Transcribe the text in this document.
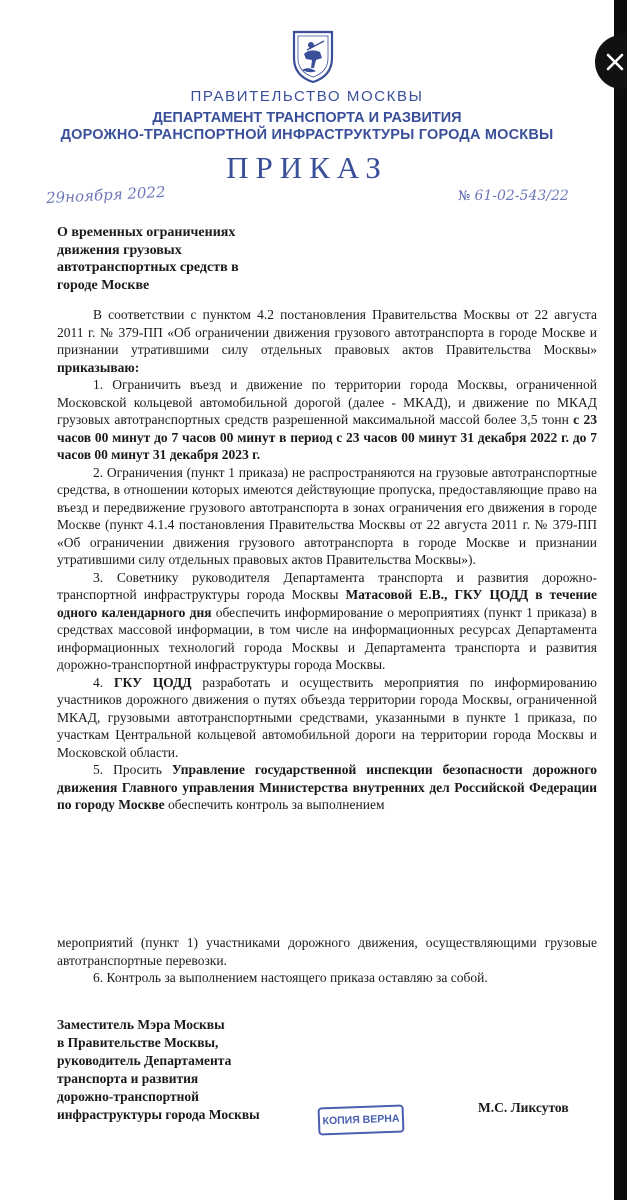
ПРАВИТЕЛЬСТВО МОСКВЫ
ДЕПАРТАМЕНТ ТРАНСПОРТА И РАЗВИТИЯ
ДОРОЖНО-ТРАНСПОРТНОЙ ИНФРАСТРУКТУРЫ ГОРОДА МОСКВЫ
ПРИКАЗ
29ноября 2022	№ 61-02-543/22
О временных ограничениях движения грузовых автотранспортных средств в городе Москве

В соответствии с пунктом 4.2 постановления Правительства Москвы от 22 августа 2011 г. № 379-ПП «Об ограничении движения грузового автотранспорта в городе Москве и признании утратившими силу отдельных правовых актов Правительства Москвы» приказываю:

1. Ограничить въезд и движение по территории города Москвы, ограниченной Московской кольцевой автомобильной дорогой (далее - МКАД), и движение по МКАД грузовых автотранспортных средств разрешенной максимальной массой более 3,5 тонн с 23 часов 00 минут до 7 часов 00 минут в период с 23 часов 00 минут 31 декабря 2022 г. до 7 часов 00 минут 31 декабря 2023 г.

2. Ограничения (пункт 1 приказа) не распространяются на грузовые автотранспортные средства, в отношении которых имеются действующие пропуска, предоставляющие право на въезд и передвижение грузового автотранспорта в зонах ограничения его движения в городе Москве (пункт 4.1.4 постановления Правительства Москвы от 22 августа 2011 г. № 379-ПП «Об ограничении движения грузового автотранспорта в городе Москве и признании утратившими силу отдельных правовых актов Правительства Москвы»).

3. Советнику руководителя Департамента транспорта и развития дорожно-транспортной инфраструктуры города Москвы Матасовой Е.В., ГКУ ЦОДД в течение одного календарного дня обеспечить информирование о мероприятиях (пункт 1 приказа) в средствах массовой информации, в том числе на информационных ресурсах Департамента информационных технологий города Москвы и Департамента транспорта и развития дорожно-транспортной инфраструктуры города Москвы.

4. ГКУ ЦОДД разработать и осуществить мероприятия по информированию участников дорожного движения о путях объезда территории города Москвы, ограниченной МКАД, грузовыми автотранспортными средствами, указанными в пункте 1 приказа, по участкам Центральной кольцевой автомобильной дороги на территории города Москвы и Московской области.

5. Просить Управление государственной инспекции безопасности дорожного движения Главного управления Министерства внутренних дел Российской Федерации по городу Москве обеспечить контроль за выполнением

мероприятий (пункт 1) участниками дорожного движения, осуществляющими грузовые автотранспортные перевозки.

6. Контроль за выполнением настоящего приказа оставляю за собой.

Заместитель Мэра Москвы
в Правительстве Москвы,
руководитель Департамента
транспорта и развития
дорожно-транспортной
инфраструктуры города Москвы	КОПИЯ ВЕРНА
М.С. Ликсутов
